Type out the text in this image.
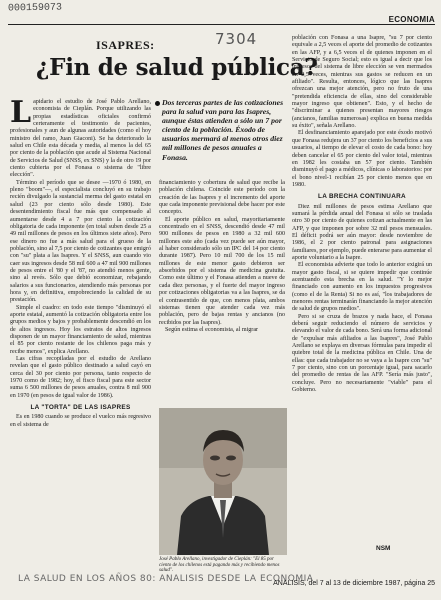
000159073
ECONOMIA
ISAPRES:	7304
¿Fin de salud pública?
L apidario el estudio de José Pablo Arellano, economista de Cieplán. Porque utilizando las propias estadísticas oficiales confirmó certeramente el testimonio de pacientes, profesionales y aun de algunas autoridades (como el hoy ministro del ramo, Juan Giaconi). Se ha deteriorado la salud en Chile esta década y media, al menos la del 65 por ciento de la población que acude al Sistema Nacional de Servicios de Salud (SNSS, ex SNS) y la de otro 19 por ciento cubierta por el Fonasa o sistema de "libre elección".

Término el período que se desee —1970 ó 1980, en pleno "boom"—, el especialista concluyó en su trabajo recién divulgado la sustancial merma del gasto estatal en salud (23 por ciento sólo desde 1980). Este desentendimiento fiscal fue más que compensado al aumentarse desde 4 a 7 por ciento la cotización obligatoria de cada imponente (en total suben desde 25 a 49 mil millones de pesos en los últimos siete años). Pero ese dinero no fue a más salud para el grueso de la población, sino al 7,5 por ciento de cotizantes que emigró con "su" plata a las Isapres. Y el SNSS, aun cuando vio caer sus ingresos desde 58 mil 600 a 47 mil 900 millones de pesos entre el '80 y el '87, no atendió menos gente, sino al revés. Sólo que debió economizar, rebajando salarios a sus funcionarios, atendiendo más personas por hora y, en definitiva, empobreciendo la calidad de su prestación.

Simple el cuadro: en todo este tiempo "disminuyó el aporte estatal, aumentó la cotización obligatoria entre los grupos medios y bajos y probablemente descendió en los de altos ingresos. Hoy los estratos de altos ingresos disponen de un mayor financiamiento de salud, mientras el 85 por ciento restante de los chilenos paga más y recibe menos", explica Arellano.

Las cifras recopiladas por el estudio de Arellano revelan que el gasto público destinado a salud cayó en cerca del 30 por ciento por persona, tanto respecto de 1970 como de 1982; hoy, el fisco fiscal para este sector suma 6 500 millones de pesos anuales, contra 8 mil 900 en 1970 (en pesos de igual valor de 1986).

LA "TORTA" DE LAS ISAPRES

Es en 1980 cuando se produce el vuelco más regresivo en el sistema de

Dos terceras partes de las cotizaciones para la salud van para las Isapres, aunque éstas atienden a sólo un 7 por ciento de la población. Éxodo de usuarios mermará al menos otros diez mil millones de pesos anuales a Fonasa.

financiamiento y cobertura de salud que recibe la población chilena. Coincide este período con la creación de las Isapres y el incremento del aporte que cada imponente previsional debe hacer por este concepto.

El aporte público en salud, mayoritariamente concentrado en el SNSS, descendió desde 47 mil 900 millones de pesos en 1980 a 32 mil 600 millones este año (cada vez puede ser aún mayor, al haber considerado sólo un IPC del 14 por ciento durante 1987). Pero 10 mil 700 de los 15 mil millones de este menor gasto debieron ser absorbidos por el sistema de medicina gratuita. Como este último y el Fonasa atienden a nueve de cada diez personas, y el fuerte del mayor ingreso por cotizaciones obligatorias va a las Isapres, se da el contrasentido de que, con menos plata, ambos sistemas tienen que atender cada vez más población, pero de bajas rentas y ancianos (no recibidos por las Isapres).

Según estima el economista, al migrar

José Pablo Arellano, investigador de Cieplán: "El 85 por ciento de los chilenos está pagando más y recibiendo menos salud".

población con Fonasa a una Isapre, "su 7 por ciento equivale a 2,5 veces el aporte del promedio de cotizantes en las AFP, y a 6,5 veces el de quienes imponen en el Servicio de Seguro Social; esto es igual a decir que los ingresos del sistema de libre elección se ven mermados en 2,5 veces, mientras sus gastos se reducen en un afiliado". Resulta, entonces, lógico que las Isapres ofrezcan una mejor atención, pero no fruto de una "pretendida eficiencia de ellas, sino del considerable mayor ingreso que obtienen". Esto, y el hecho de "discriminar a quienes presentan mayores riesgos (ancianos, familias numerosas) explica en buena medida su éxito", señala Arellano.

El desfinanciamiento aparejado por este éxodo motivó que Fonasa redujera un 37 por ciento los beneficios a sus usuarios, al tiempo de elevar el costo de cada bono: hoy deben cancelar el 65 por ciento del valor total, mientras en 1982 les costaba un 57 por ciento. También disminuyó el pago a médicos, clínicas o laboratorios: por el bono nivel-1 recibían 25 por ciento menos que en 1980.

LA BRECHA CONTINUARA

Diez mil millones de pesos estima Arellano que sumará la pérdida anual del Fonasa si sólo se traslada otro 30 por ciento de quienes cotizan actualmente en las AFP, y que imponen por sobre 32 mil pesos mensuales. El déficit podrá ser aún mayor: desde noviembre de 1986, el 2 por ciento patronal para asignaciones familiares, por ejemplo, puede enterarse para aumentar el aporte voluntario a la Isapre.

El economista advierte que todo lo anterior exigirá un mayor gasto fiscal, si se quiere impedir que continúe acentuando esta brecha en la salud. "Y lo mejor financiado con aumento en los impuestos progresivos (como el de la Renta) Si no es así, "los trabajadores de menores rentas terminarán financiando la mejor atención de salud de grupos medios".

Pero si se cruza de brazos y nada hace, el Fonasa deberá seguir reduciendo el número de servicios y elevando el valor de cada bono. Será una forma adicional de "expulsar más afiliados a las Isapres", José Pablo Arellano se explaya en diversas fórmulas para impedir el quiebre total de la medicina pública en Chile. Una de ellas: que cada trabajador no se vaya a la Isapre con "su" 7 por ciento, sino con un porcentaje igual, para sacarlo del promedio de rentas de las AFP. "Sería más justo", concluye. Pero no necesariamente "viable" para el Gobierno.

NSM
LA SALUD EN LOS AÑOS 80: ANALISIS DESDE LA ECONOMIA
ANALISIS, del 7 al 13 de diciembre 1987, página 25
